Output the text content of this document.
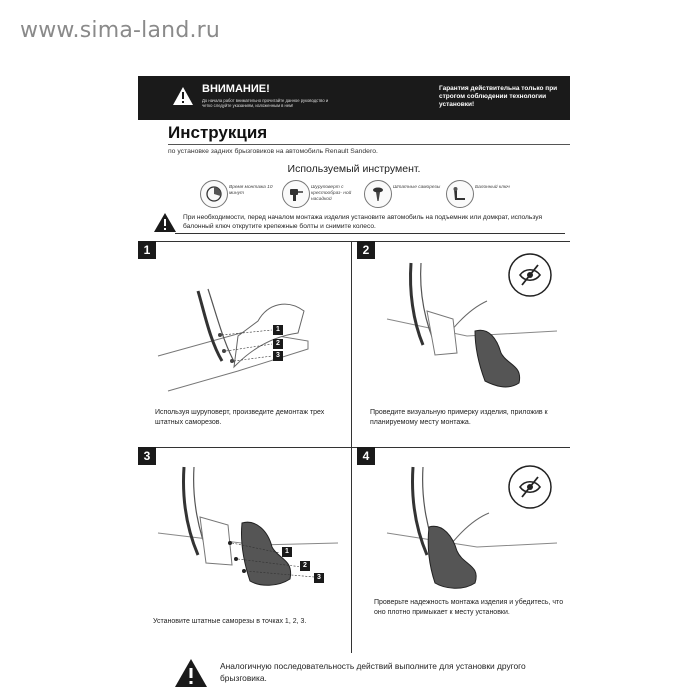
www.sima-land.ru
ВНИМАНИЕ!
До начала работ внимательно прочитайте данное руководство и четко следуйте указаниям, изложенным в нем!
Гарантия действительна только при строгом соблюдении технологии установки!
Инструкция
по установке задних брызговиков на автомобиль Renault Sandero.
Используемый инструмент.
Время монтажа 10 минут
Шуруповерт с крестообраз- ной насадкой
Штатные саморезы	Балонный ключ
При необходимости, перед началом монтажа изделия установите автомобиль на подъемник или домкрат, используя балонный ключ открутите крепежные болты и снимите колесо.
1
1
2
3
Используя шуруповерт, произведите демонтаж трех штатных саморезов.
2
Проведите визуальную примерку изделия, приложив к планируемому месту монтажа.
3
1
2
3
Установите штатные саморезы в точках 1, 2, 3.
4
Проверьте надежность монтажа изделия и убедитесь, что оно плотно примыкает к месту установки.
Аналогичную последовательность действий выполните для установки другого брызговика.
